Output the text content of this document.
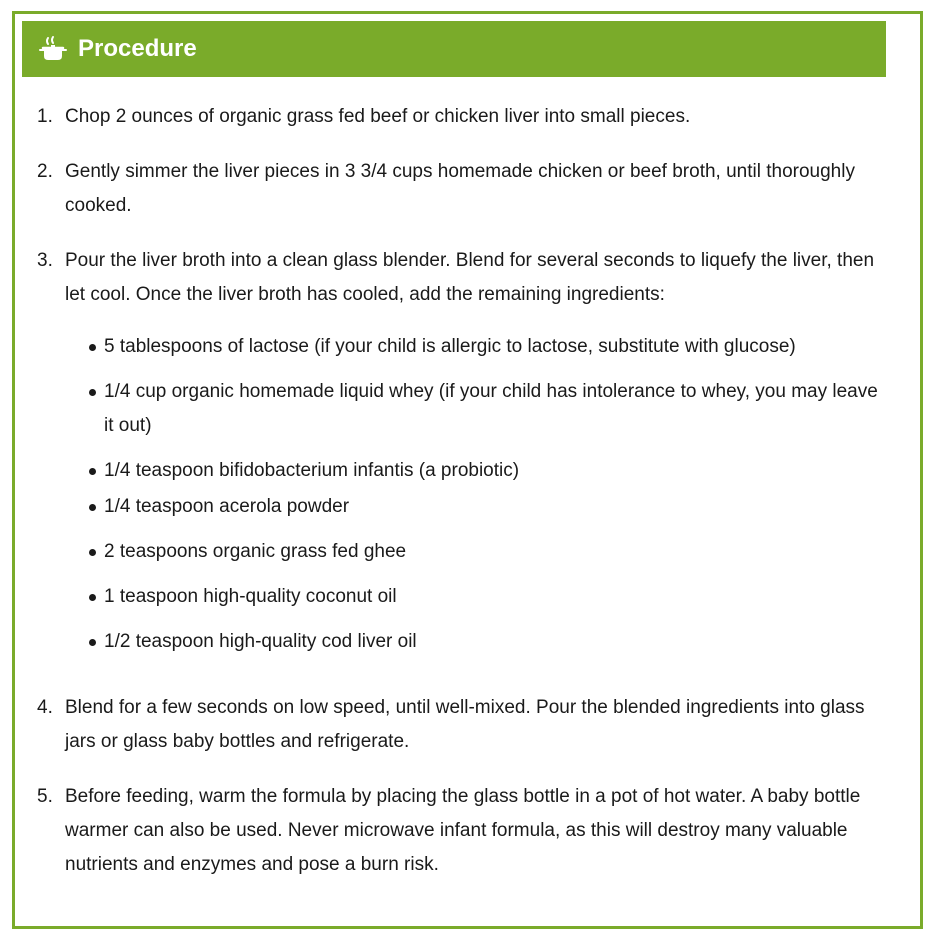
Procedure
1. Chop 2 ounces of organic grass fed beef or chicken liver into small pieces.
2. Gently simmer the liver pieces in 3 3/4 cups homemade chicken or beef broth, until thoroughly cooked.
3. Pour the liver broth into a clean glass blender. Blend for several seconds to liquefy the liver, then let cool. Once the liver broth has cooled, add the remaining ingredients:
5 tablespoons of lactose (if your child is allergic to lactose, substitute with glucose)
1/4 cup organic homemade liquid whey (if your child has intolerance to whey, you may leave it out)
1/4 teaspoon bifidobacterium infantis (a probiotic)
1/4 teaspoon acerola powder
2 teaspoons organic grass fed ghee
1 teaspoon high-quality coconut oil
1/2 teaspoon high-quality cod liver oil
4. Blend for a few seconds on low speed, until well-mixed. Pour the blended ingredients into glass jars or glass baby bottles and refrigerate.
5. Before feeding, warm the formula by placing the glass bottle in a pot of hot water. A baby bottle warmer can also be used. Never microwave infant formula, as this will destroy many valuable nutrients and enzymes and pose a burn risk.
